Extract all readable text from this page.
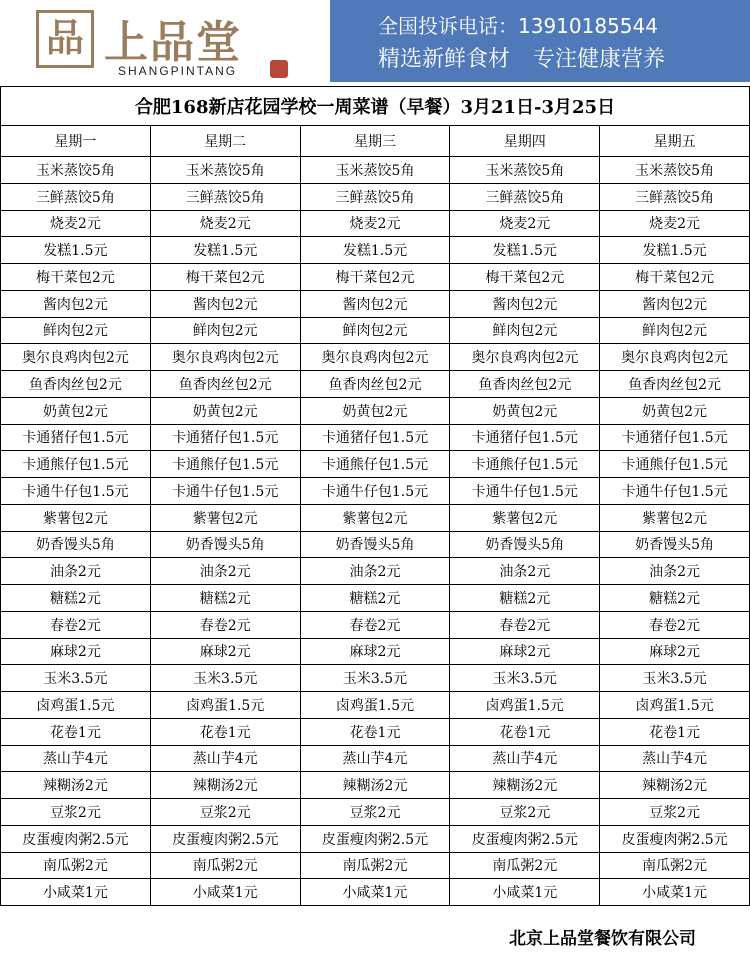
品 上品堂
SHANGPINTANG
全国投诉电话：13910185544
精选新鲜食材 专注健康营养
合肥168新店花园学校一周菜谱（早餐）3月21日-3月25日				
星期一	星期二	星期三	星期四	星期五
玉米蒸饺5角	玉米蒸饺5角	玉米蒸饺5角	玉米蒸饺5角	玉米蒸饺5角
三鲜蒸饺5角	三鲜蒸饺5角	三鲜蒸饺5角	三鲜蒸饺5角	三鲜蒸饺5角
烧麦2元	烧麦2元	烧麦2元	烧麦2元	烧麦2元
发糕1.5元	发糕1.5元	发糕1.5元	发糕1.5元	发糕1.5元
梅干菜包2元	梅干菜包2元	梅干菜包2元	梅干菜包2元	梅干菜包2元
酱肉包2元	酱肉包2元	酱肉包2元	酱肉包2元	酱肉包2元
鲜肉包2元	鲜肉包2元	鲜肉包2元	鲜肉包2元	鲜肉包2元
奥尔良鸡肉包2元	奥尔良鸡肉包2元	奥尔良鸡肉包2元	奥尔良鸡肉包2元	奥尔良鸡肉包2元
鱼香肉丝包2元	鱼香肉丝包2元	鱼香肉丝包2元	鱼香肉丝包2元	鱼香肉丝包2元
奶黄包2元	奶黄包2元	奶黄包2元	奶黄包2元	奶黄包2元
卡通猪仔包1.5元	卡通猪仔包1.5元	卡通猪仔包1.5元	卡通猪仔包1.5元	卡通猪仔包1.5元
卡通熊仔包1.5元	卡通熊仔包1.5元	卡通熊仔包1.5元	卡通熊仔包1.5元	卡通熊仔包1.5元
卡通牛仔包1.5元	卡通牛仔包1.5元	卡通牛仔包1.5元	卡通牛仔包1.5元	卡通牛仔包1.5元
紫薯包2元	紫薯包2元	紫薯包2元	紫薯包2元	紫薯包2元
奶香馒头5角	奶香馒头5角	奶香馒头5角	奶香馒头5角	奶香馒头5角
油条2元	油条2元	油条2元	油条2元	油条2元
糖糕2元	糖糕2元	糖糕2元	糖糕2元	糖糕2元
春卷2元	春卷2元	春卷2元	春卷2元	春卷2元
麻球2元	麻球2元	麻球2元	麻球2元	麻球2元
玉米3.5元	玉米3.5元	玉米3.5元	玉米3.5元	玉米3.5元
卤鸡蛋1.5元	卤鸡蛋1.5元	卤鸡蛋1.5元	卤鸡蛋1.5元	卤鸡蛋1.5元
花卷1元	花卷1元	花卷1元	花卷1元	花卷1元
蒸山芋4元	蒸山芋4元	蒸山芋4元	蒸山芋4元	蒸山芋4元
辣糊汤2元	辣糊汤2元	辣糊汤2元	辣糊汤2元	辣糊汤2元
豆浆2元	豆浆2元	豆浆2元	豆浆2元	豆浆2元
皮蛋瘦肉粥2.5元	皮蛋瘦肉粥2.5元	皮蛋瘦肉粥2.5元	皮蛋瘦肉粥2.5元	皮蛋瘦肉粥2.5元
南瓜粥2元	南瓜粥2元	南瓜粥2元	南瓜粥2元	南瓜粥2元
小咸菜1元	小咸菜1元	小咸菜1元	小咸菜1元	小咸菜1元
北京上品堂餐饮有限公司
